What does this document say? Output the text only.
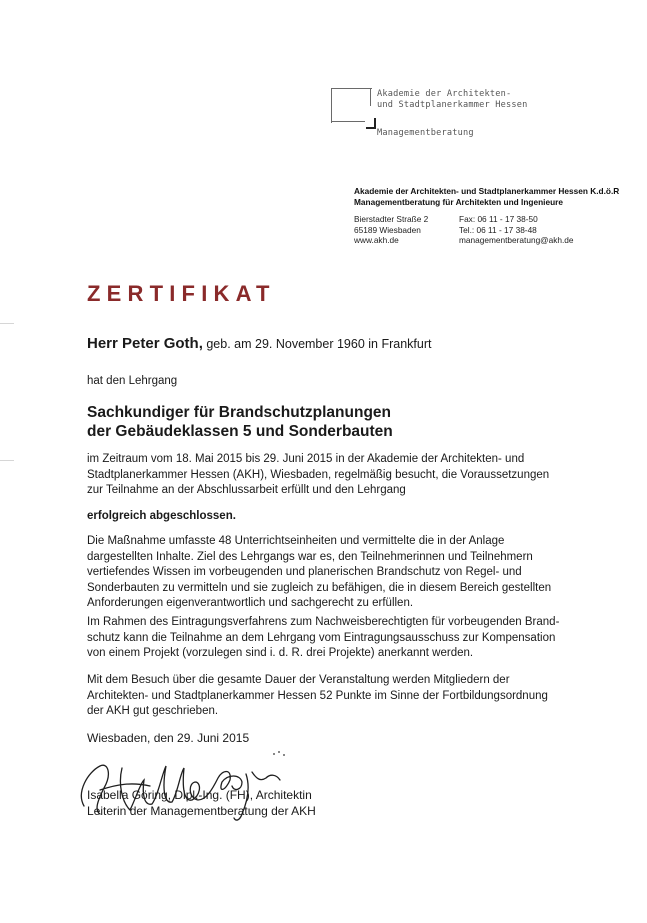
Akademie der Architekten-
und Stadtplanerkammer Hessen
Managementberatung
Akademie der Architekten- und Stadtplanerkammer Hessen K.d.ö.R
Managementberatung für Architekten und Ingenieure
Bierstadter Straße 2
65189 Wiesbaden
www.akh.de
Fax: 06 11 - 17 38-50
Tel.: 06 11 - 17 38-48
managementberatung@akh.de
ZERTIFIKAT
Herr Peter Goth, geb. am 29. November 1960 in Frankfurt
hat den Lehrgang
Sachkundiger für Brandschutzplanungen
der Gebäudeklassen 5 und Sonderbauten
im Zeitraum vom 18. Mai 2015 bis 29. Juni 2015 in der Akademie der Architekten- und
Stadtplanerkammer Hessen (AKH), Wiesbaden, regelmäßig besucht, die Voraussetzungen
zur Teilnahme an der Abschlussarbeit erfüllt und den Lehrgang
erfolgreich abgeschlossen.
Die Maßnahme umfasste 48 Unterrichtseinheiten und vermittelte die in der Anlage
dargestellten Inhalte. Ziel des Lehrgangs war es, den Teilnehmerinnen und Teilnehmern
vertiefendes Wissen im vorbeugenden und planerischen Brandschutz von Regel- und
Sonderbauten zu vermitteln und sie zugleich zu befähigen, die in diesem Bereich gestellten
Anforderungen eigenverantwortlich und sachgerecht zu erfüllen.
Im Rahmen des Eintragungsverfahrens zum Nachweisberechtigten für vorbeugenden Brand-
schutz kann die Teilnahme an dem Lehrgang vom Eintragungsausschuss zur Kompensation
von einem Projekt (vorzulegen sind i. d. R. drei Projekte) anerkannt werden.
Mit dem Besuch über die gesamte Dauer der Veranstaltung werden Mitgliedern der
Architekten- und Stadtplanerkammer Hessen 52 Punkte im Sinne der Fortbildungsordnung
der AKH gut geschrieben.
Wiesbaden, den 29. Juni 2015
Isabella Göring, Dipl.-Ing. (FH), Architektin
Leiterin der Managementberatung der AKH
